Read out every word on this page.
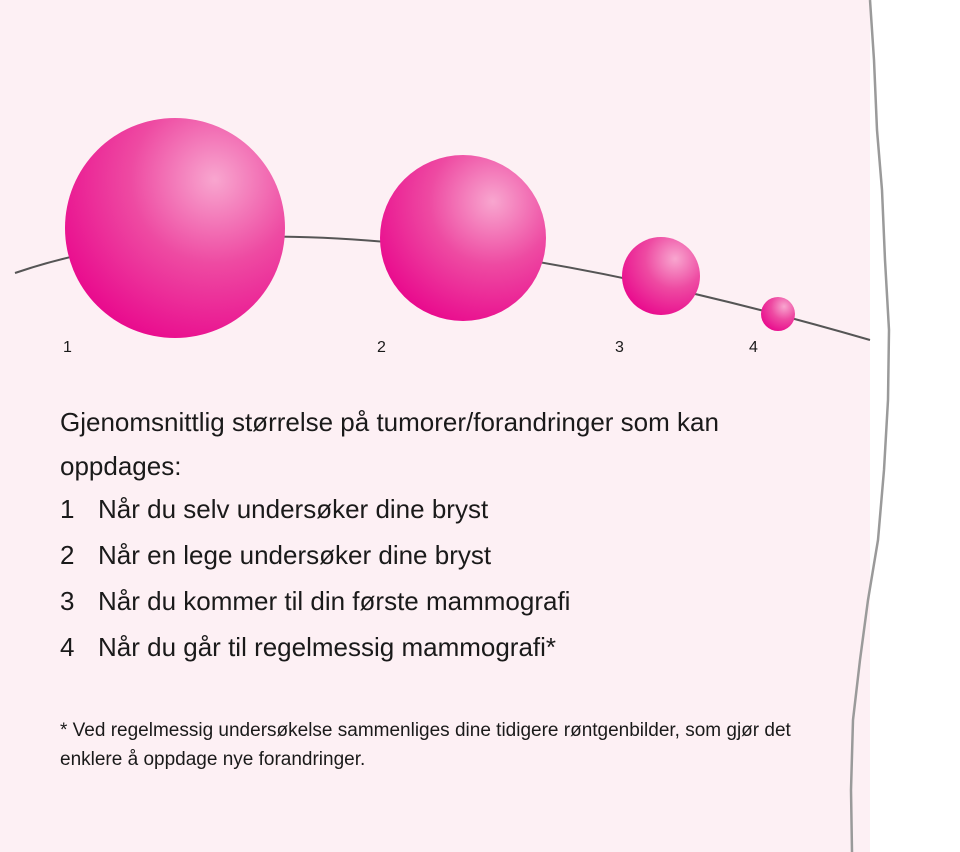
1	2	3	4
Gjenomsnittlig størrelse på tumorer/forandringer som kan oppdages:
1 Når du selv undersøker dine bryst
2 Når en lege undersøker dine bryst
3 Når du kommer til din første mammografi
4 Når du går til regelmessig mammografi*
* Ved regelmessig undersøkelse sammenliges dine tidigere røntgenbilder, som gjør det enklere å oppdage nye forandringer.
